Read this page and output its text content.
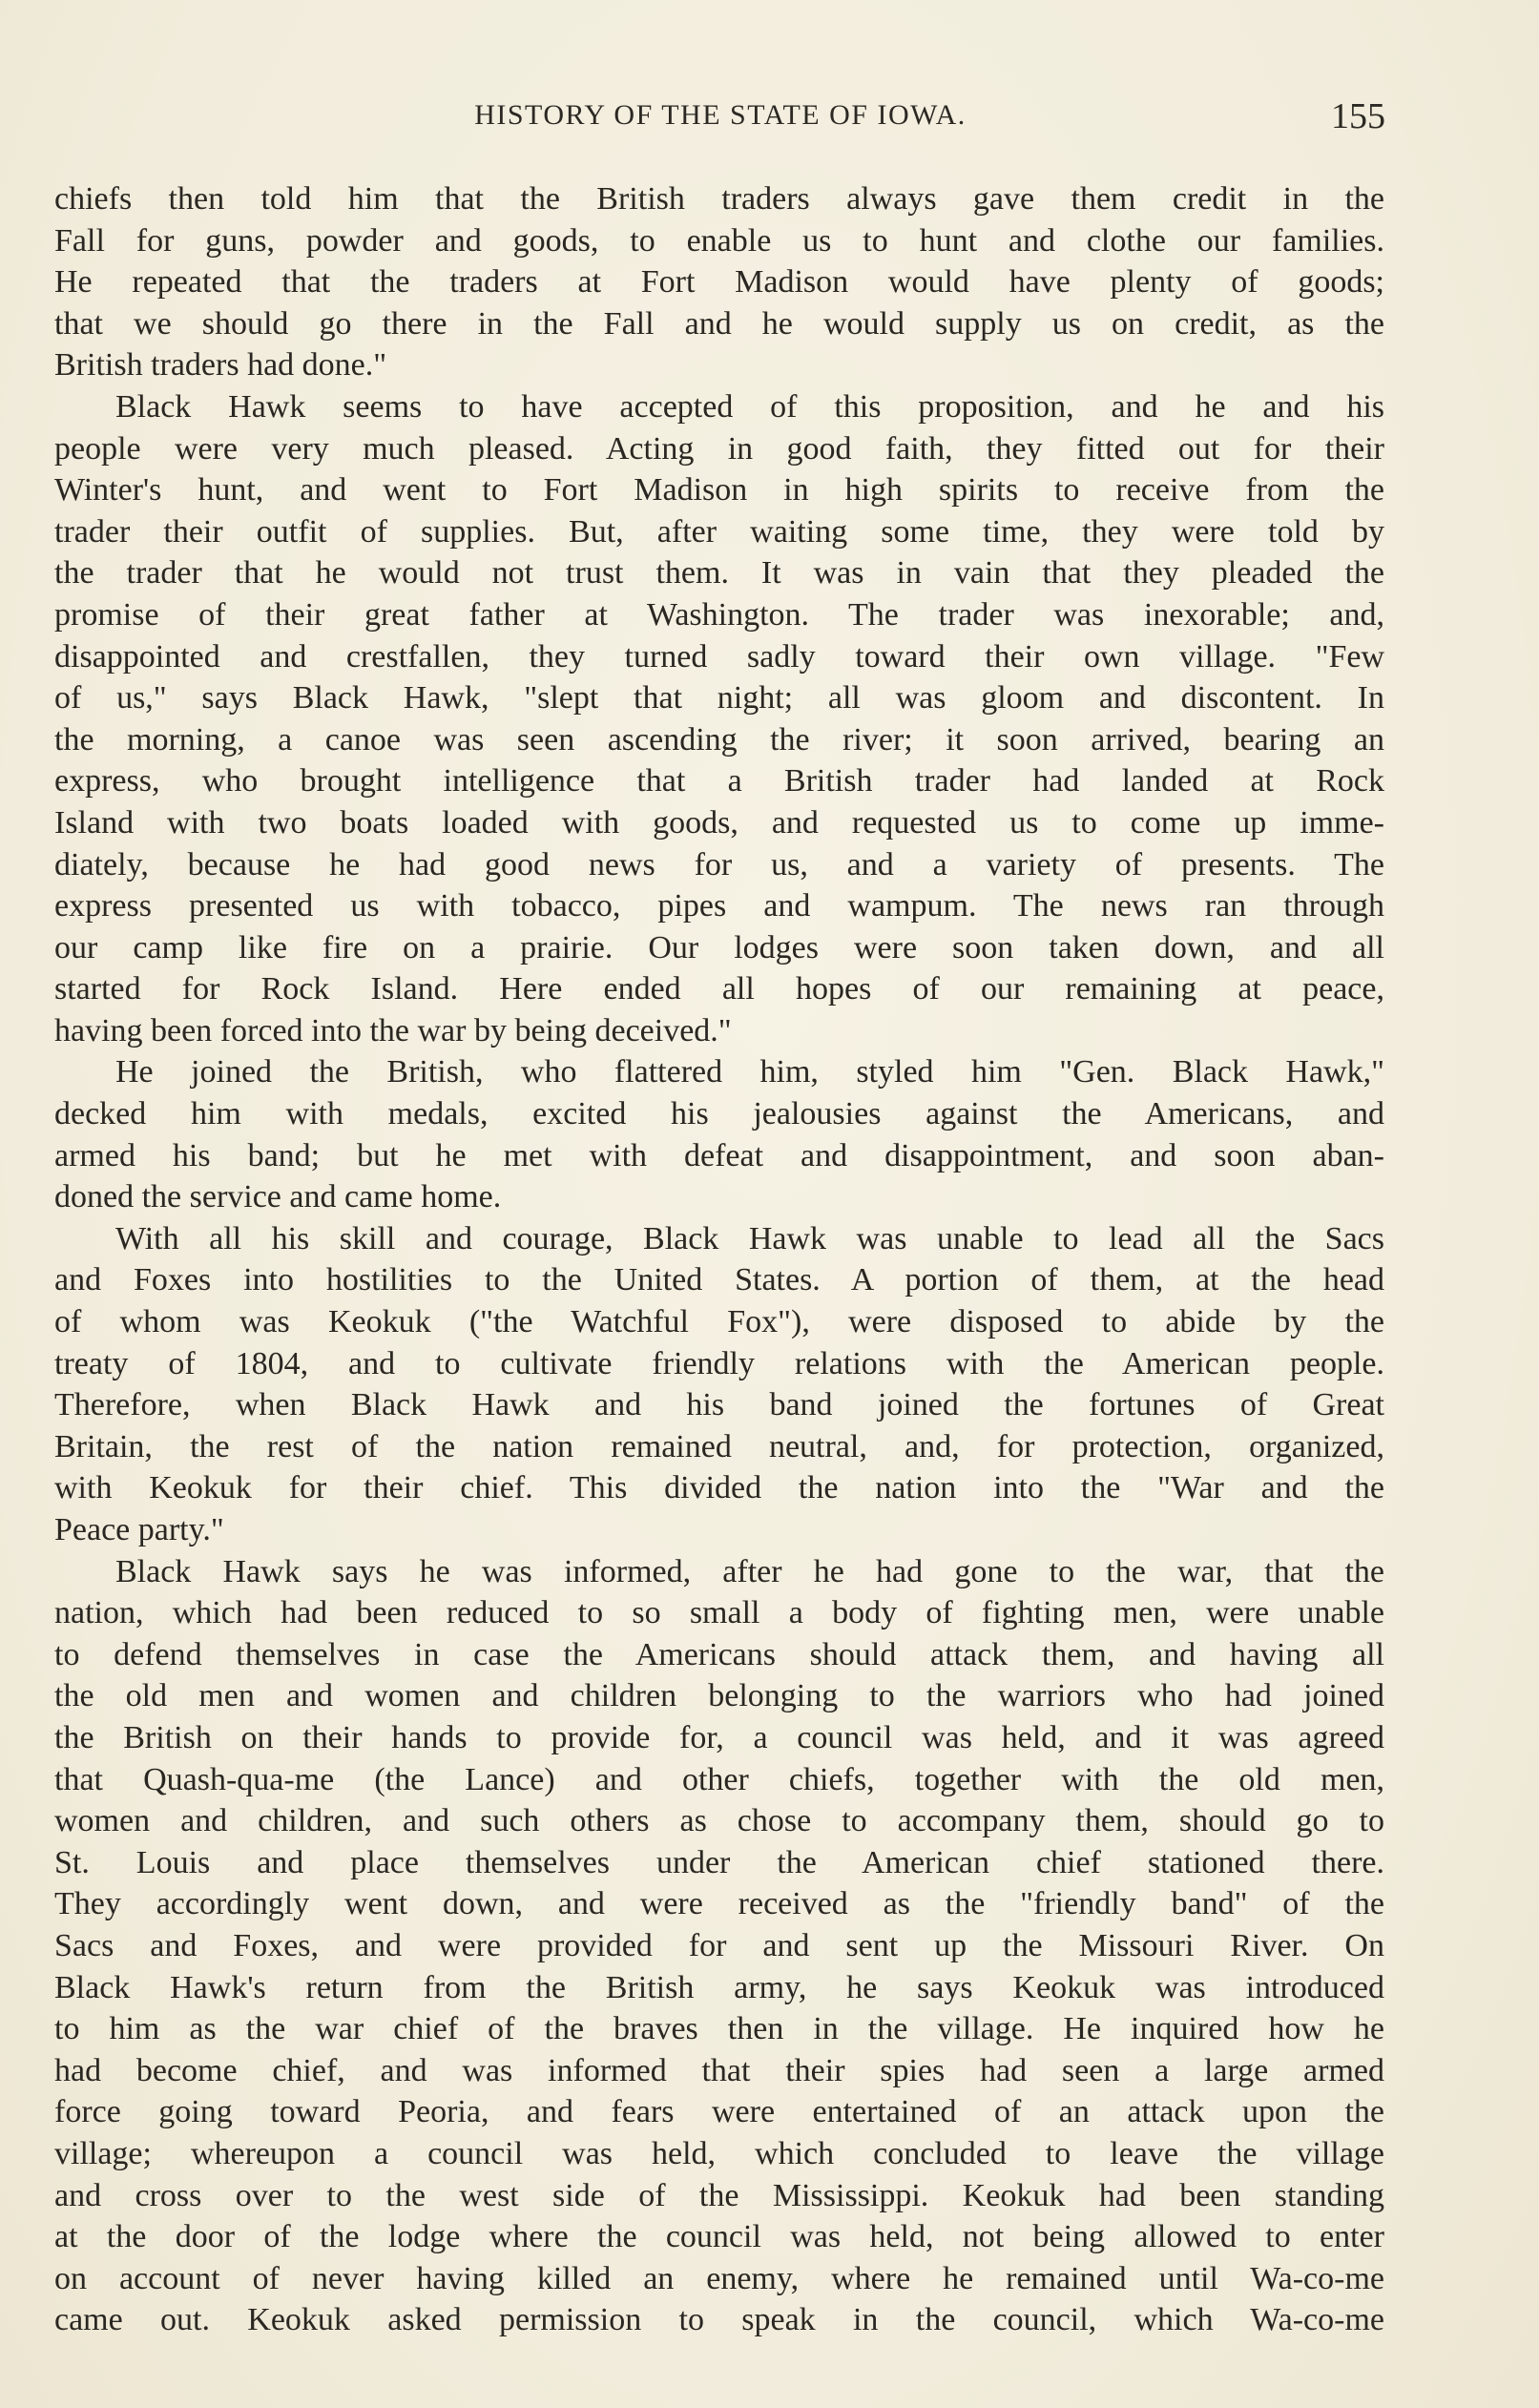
HISTORY OF THE STATE OF IOWA.	155
chiefs then told him that the British traders always gave them credit in the
Fall for guns, powder and goods, to enable us to hunt and clothe our families.
He repeated that the traders at Fort Madison would have plenty of goods;
that we should go there in the Fall and he would supply us on credit, as the
British traders had done."
Black Hawk seems to have accepted of this proposition, and he and his
people were very much pleased. Acting in good faith, they fitted out for their
Winter's hunt, and went to Fort Madison in high spirits to receive from the
trader their outfit of supplies. But, after waiting some time, they were told by
the trader that he would not trust them. It was in vain that they pleaded the
promise of their great father at Washington. The trader was inexorable; and,
disappointed and crestfallen, they turned sadly toward their own village. "Few
of us," says Black Hawk, "slept that night; all was gloom and discontent. In
the morning, a canoe was seen ascending the river; it soon arrived, bearing an
express, who brought intelligence that a British trader had landed at Rock
Island with two boats loaded with goods, and requested us to come up imme-
diately, because he had good news for us, and a variety of presents. The
express presented us with tobacco, pipes and wampum. The news ran through
our camp like fire on a prairie. Our lodges were soon taken down, and all
started for Rock Island. Here ended all hopes of our remaining at peace,
having been forced into the war by being deceived."
He joined the British, who flattered him, styled him "Gen. Black Hawk,"
decked him with medals, excited his jealousies against the Americans, and
armed his band; but he met with defeat and disappointment, and soon aban-
doned the service and came home.
With all his skill and courage, Black Hawk was unable to lead all the Sacs
and Foxes into hostilities to the United States. A portion of them, at the head
of whom was Keokuk ("the Watchful Fox"), were disposed to abide by the
treaty of 1804, and to cultivate friendly relations with the American people.
Therefore, when Black Hawk and his band joined the fortunes of Great
Britain, the rest of the nation remained neutral, and, for protection, organized,
with Keokuk for their chief. This divided the nation into the "War and the
Peace party."
Black Hawk says he was informed, after he had gone to the war, that the
nation, which had been reduced to so small a body of fighting men, were unable
to defend themselves in case the Americans should attack them, and having all
the old men and women and children belonging to the warriors who had joined
the British on their hands to provide for, a council was held, and it was agreed
that Quash-qua-me (the Lance) and other chiefs, together with the old men,
women and children, and such others as chose to accompany them, should go to
St. Louis and place themselves under the American chief stationed there.
They accordingly went down, and were received as the "friendly band" of the
Sacs and Foxes, and were provided for and sent up the Missouri River. On
Black Hawk's return from the British army, he says Keokuk was introduced
to him as the war chief of the braves then in the village. He inquired how he
had become chief, and was informed that their spies had seen a large armed
force going toward Peoria, and fears were entertained of an attack upon the
village; whereupon a council was held, which concluded to leave the village
and cross over to the west side of the Mississippi. Keokuk had been standing
at the door of the lodge where the council was held, not being allowed to enter
on account of never having killed an enemy, where he remained until Wa-co-me
came out. Keokuk asked permission to speak in the council, which Wa-co-me
